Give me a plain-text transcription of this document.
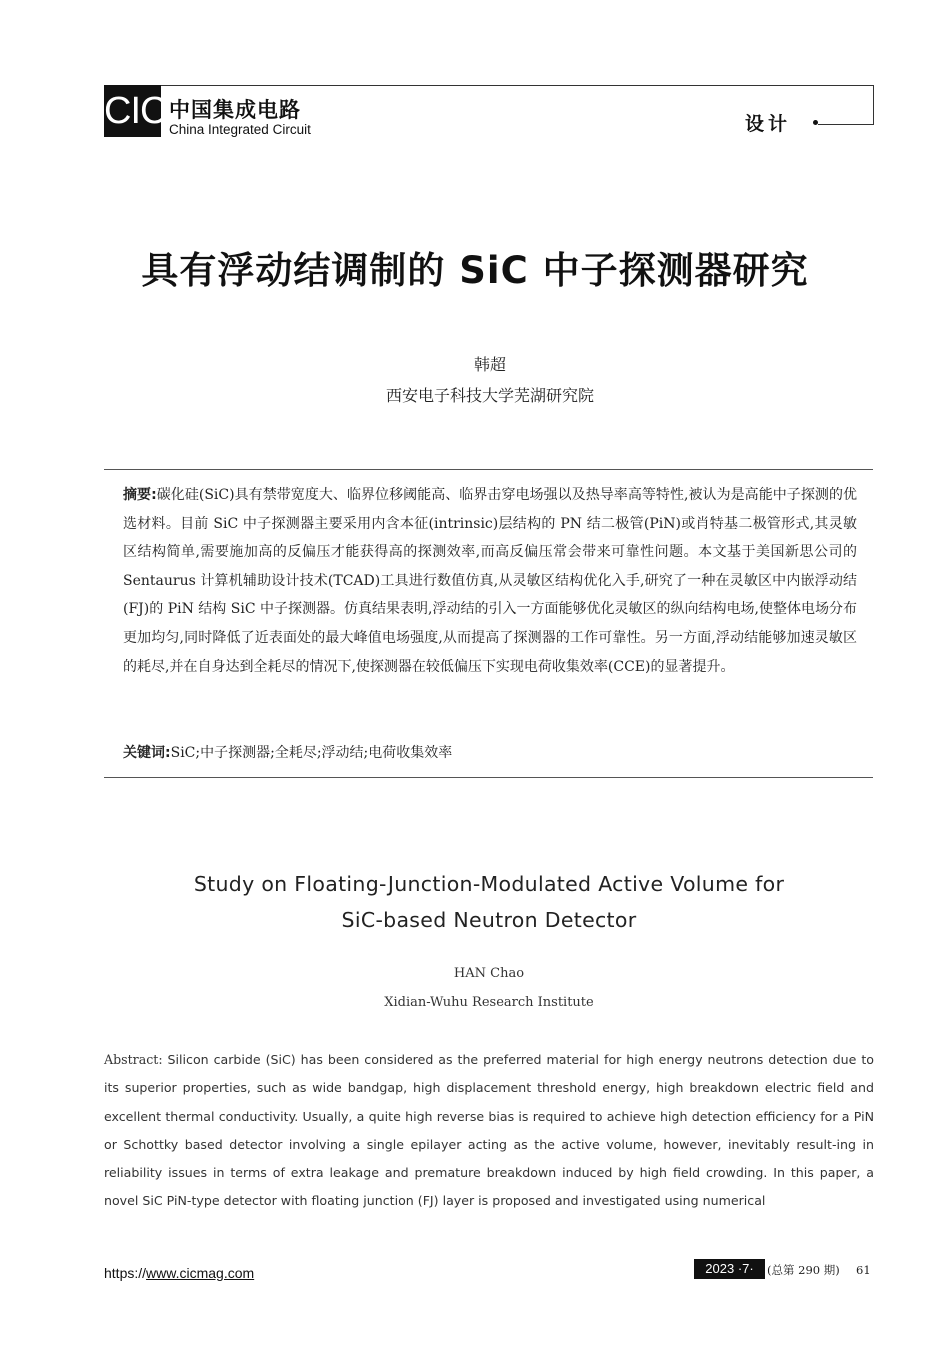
CIC 中国集成电路
China Integrated Circuit	设计
具有浮动结调制的 SiC 中子探测器研究
韩超
西安电子科技大学芜湖研究院
摘要:碳化硅(SiC)具有禁带宽度大、临界位移阈能高、临界击穿电场强以及热导率高等特性,被认为是高能中子探测的优选材料。目前 SiC 中子探测器主要采用内含本征(intrinsic)层结构的 PN 结二极管(PiN)或肖特基二极管形式,其灵敏区结构简单,需要施加高的反偏压才能获得高的探测效率,而高反偏压常会带来可靠性问题。本文基于美国新思公司的 Sentaurus 计算机辅助设计技术(TCAD)工具进行数值仿真,从灵敏区结构优化入手,研究了一种在灵敏区中内嵌浮动结(FJ)的 PiN 结构 SiC 中子探测器。仿真结果表明,浮动结的引入一方面能够优化灵敏区的纵向结构电场,使整体电场分布更加均匀,同时降低了近表面处的最大峰值电场强度,从而提高了探测器的工作可靠性。另一方面,浮动结能够加速灵敏区的耗尽,并在自身达到全耗尽的情况下,使探测器在较低偏压下实现电荷收集效率(CCE)的显著提升。
关键词:SiC;中子探测器;全耗尽;浮动结;电荷收集效率
Study on Floating-Junction-Modulated Active Volume for
SiC-based Neutron Detector
HAN Chao
Xidian-Wuhu Research Institute
Abstract: Silicon carbide (SiC) has been considered as the preferred material for high energy neutrons detection due to its superior properties, such as wide bandgap, high displacement threshold energy, high breakdown electric field and excellent thermal conductivity. Usually, a quite high reverse bias is required to achieve high detection efficiency for a PiN or Schottky based detector involving a single epilayer acting as the active volume, however, inevitably result-ing in reliability issues in terms of extra leakage and premature breakdown induced by high field crowding. In this paper, a novel SiC PiN-type detector with floating junction (FJ) layer is proposed and investigated using numerical
https://www.cicmag.com	2023 ·7·	(总第 290 期) 61
